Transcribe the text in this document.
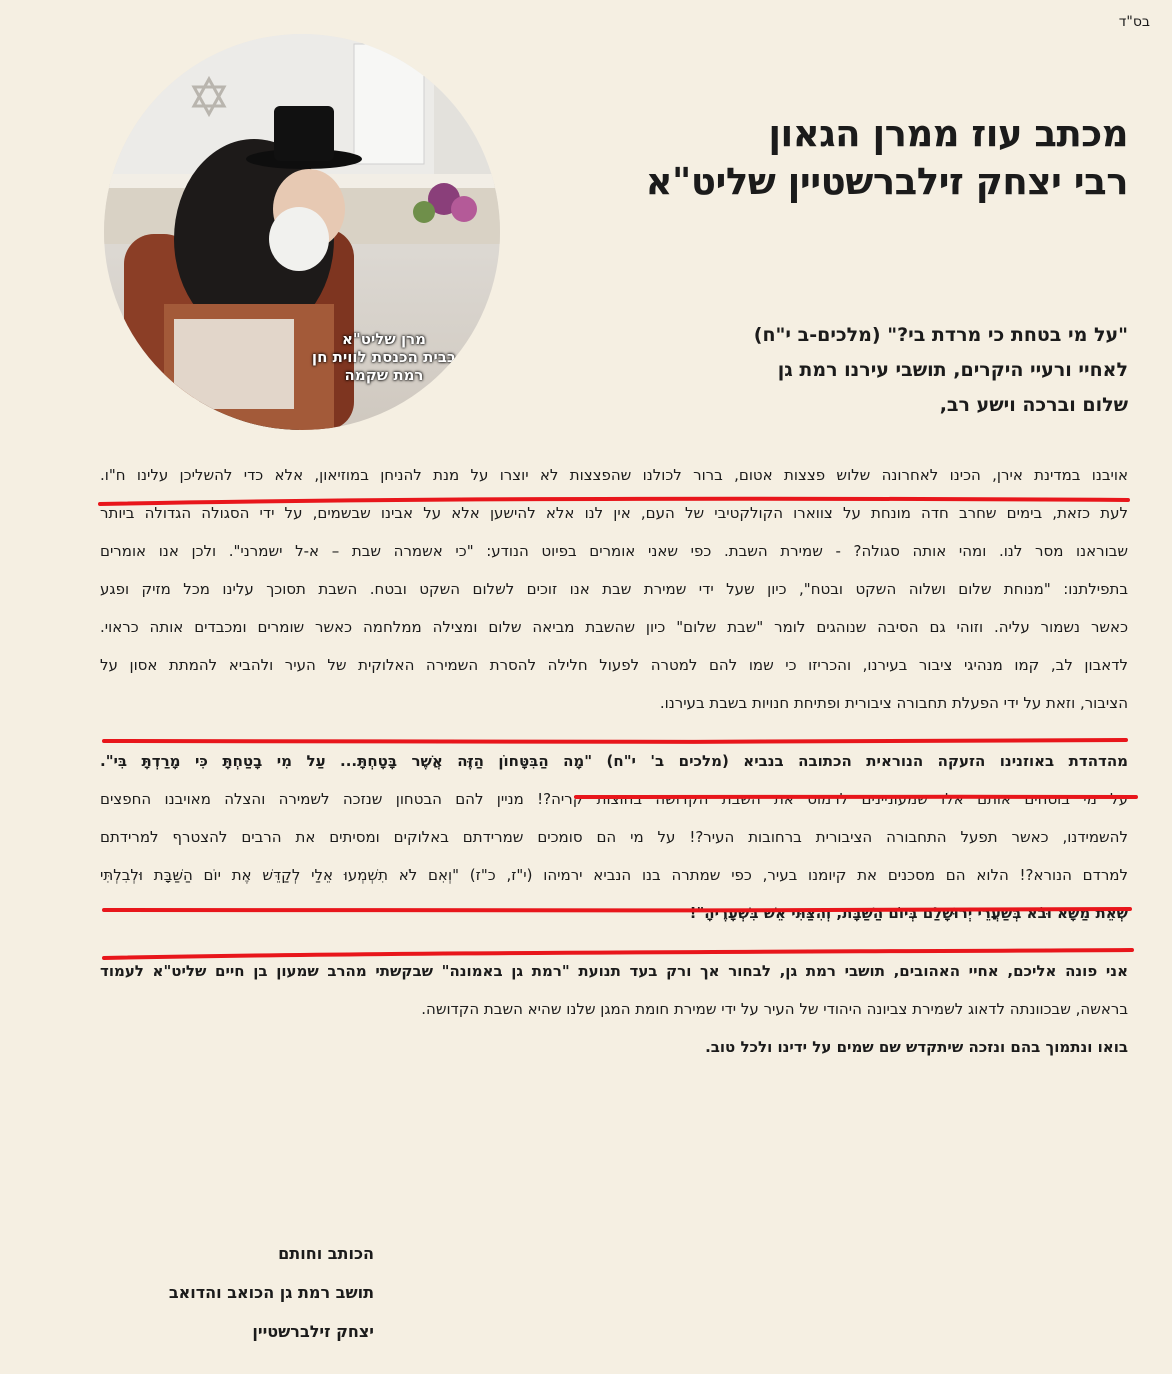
בס"ד
מרן שליט"א
בבית הכנסת לווית חן
רמת שקמה
מכתב עוז ממרן הגאון
רבי יצחק זילברשטיין שליט"א
"על מי בטחת כי מרדת בי?" (מלכים-ב י"ח)
לאחיי ורעיי היקרים, תושבי עירנו רמת גן
שלום וברכה וישע רב,
אויבנו במדינת אירן, הכינו לאחרונה שלוש פצצות אטום, ברור לכולנו שהפצצות לא יוצרו על מנת להניחן במוזיאון, אלא כדי להשליכן עלינו ח"ו.
לעת כזאת, בימים שחרב חדה מונחת על צווארו הקולקטיבי של העם, אין לנו אלא להישען אלא על אבינו שבשמים, על ידי הסגולה הגדולה ביותר
שבוראנו מסר לנו. ומהי אותה סגולה? - שמירת השבת. כפי שאני אומרים בפיוט הנודע: "כי אשמרה שבת – א-ל ישמרני". ולכן אנו אומרים
בתפילתנו: "מנוחת שלום ושלוה השקט ובטח", כיון שעל ידי שמירת שבת אנו זוכים לשלום השקט ובטח. השבת תסוכך עלינו מכל מזיק ופגע
כאשר נשמור עליה. וזוהי גם הסיבה שנוהגים לומר "שבת שלום" כיון שהשבת מביאה שלום ומצילה ממלחמה כאשר שומרים ומכבדים אותה כראוי.
לדאבון לב, קמו מנהיגי ציבור בעירנו, והכריזו כי שמו להם למטרה לפעול חלילה להסרת השמירה האלוקית של העיר ולהביא להמתת אסון על
הציבור, וזאת על ידי הפעלת תחבורה ציבורית ופתיחת חנויות בשבת בעירנו.
מהדהדת באוזנינו הזעקה הנוראית הכתובה בנביא (מלכים ב' י"ח) "מָה הַבִּטָּחוֹן הַזֶּה אֲשֶׁר בָּטָחְתָּ... עַל מִי בָטַחְתָּ כִּי מָרַדְתָּ בִּי".
על מי בוטחים אותם אלו שמעוניינים לרמוס את השבת הקדושה בחוצות קריה?! מניין להם הבטחון שנזכה לשמירה והצלה מאויבנו החפצים
להשמידנו, כאשר תפעל התחבורה הציבורית ברחובות העיר?! על מי הם סומכים שמרידתם באלוקים ומסיתים את הרבים להצטרף למרידתם
למרדם הנורא?! הלוא הם מסכנים את קיומנו בעיר, כפי שמתרה בנו הנביא ירמיהו (י"ז, כ"ז) "וְאִם לֹא תִשְׁמְעוּ אֵלַי לְקַדֵּשׁ אֶת יוֹם הַשַּׁבָּת וּלְבִלְתִּי
שְׂאֵת מַשָּׂא וּבֹא בְּשַׁעֲרֵי יְרוּשָׁלִַם בְּיוֹם הַשַּׁבָּת, וְהִצַּתִּי אֵשׁ בִּשְׁעָרֶיהָ"!
אני פונה אליכם, אחיי האהובים, תושבי רמת גן, לבחור אך ורק בעד תנועת "רמת גן באמונה" שבקשתי מהרב שמעון בן חיים שליט"א לעמוד
בראשה, שבכוונתה לדאוג לשמירת צביונה היהודי של העיר על ידי שמירת חומת המגן שלנו שהיא השבת הקדושה.
בואו ונתמוך בהם ונזכה שיתקדש שם שמים על ידינו ולכל טוב.
הכותב וחותם
תושב רמת גן הכואב והדואב
יצחק זילברשטיין
